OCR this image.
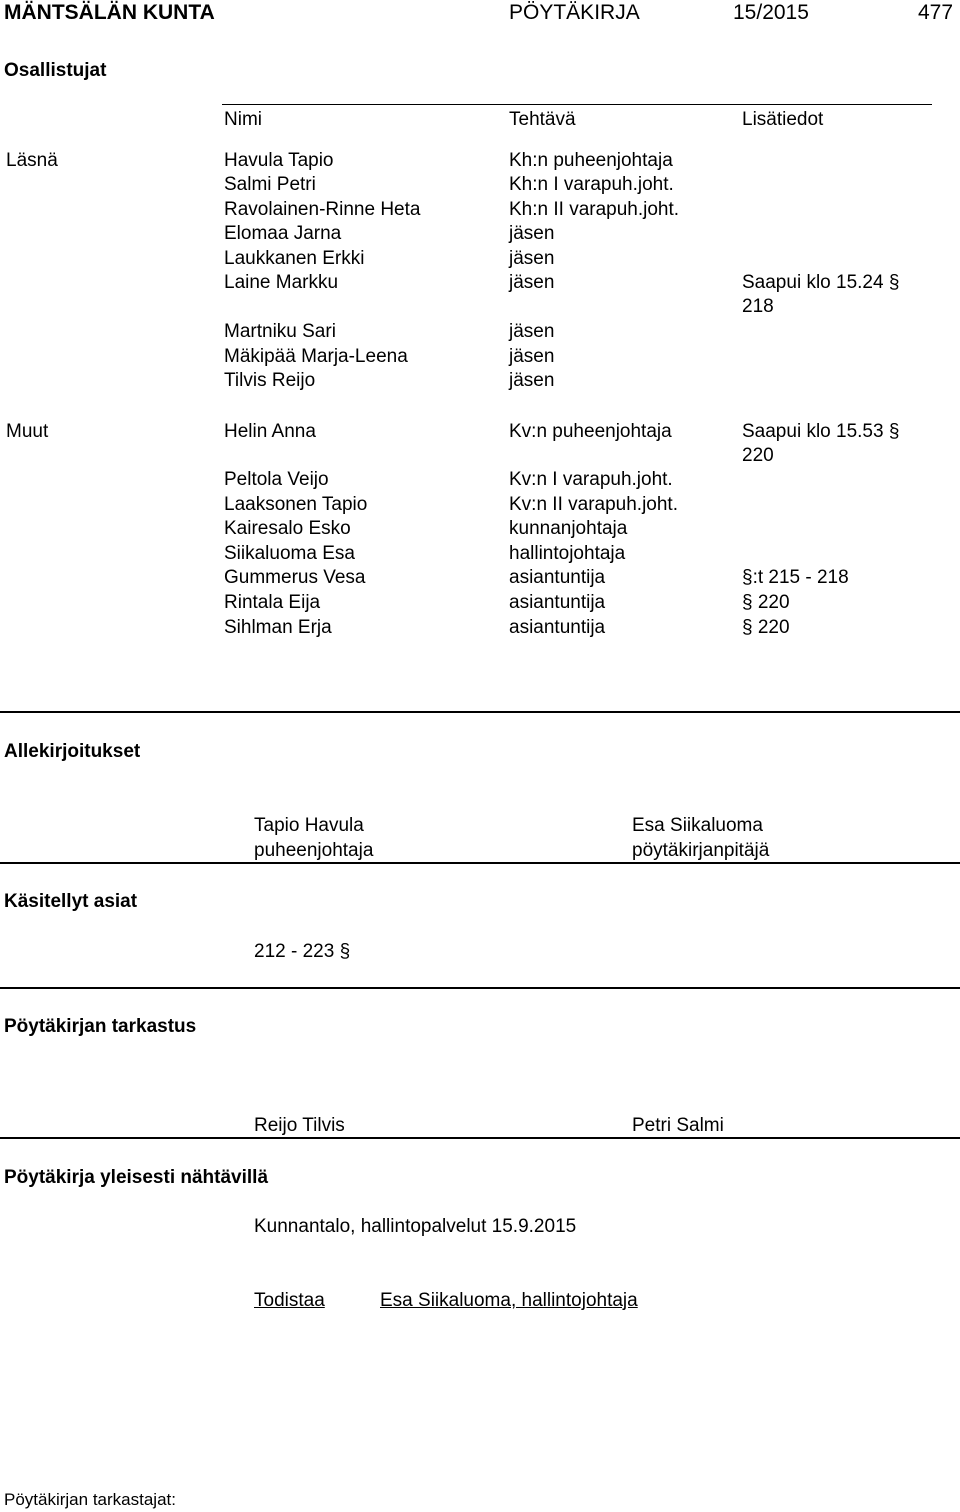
MÄNTSÄLÄN KUNTA	PÖYTÄKIRJA	15/2015	477
Osallistujat
Nimi	Tehtävä	Lisätiedot
Läsnä	Havula Tapio	Kh:n puheenjohtaja
Salmi Petri	Kh:n I varapuh.joht.
Ravolainen-Rinne Heta	Kh:n II varapuh.joht.
Elomaa Jarna	jäsen
Laukkanen Erkki	jäsen
Laine Markku	jäsen	Saapui klo 15.24 §
218
Martniku Sari	jäsen
Mäkipää Marja-Leena	jäsen
Tilvis Reijo	jäsen
Muut	Helin Anna	Kv:n puheenjohtaja	Saapui klo 15.53 §
220
Peltola Veijo	Kv:n I varapuh.joht.
Laaksonen Tapio	Kv:n II varapuh.joht.
Kairesalo Esko	kunnanjohtaja
Siikaluoma Esa	hallintojohtaja
Gummerus Vesa	asiantuntija	§:t 215 - 218
Rintala Eija	asiantuntija	§ 220
Sihlman Erja	asiantuntija	§ 220
Allekirjoitukset
Tapio Havula
puheenjohtaja
Esa Siikaluoma
pöytäkirjanpitäjä
Käsitellyt asiat
212 - 223 §
Pöytäkirjan tarkastus
Reijo Tilvis	Petri Salmi
Pöytäkirja yleisesti nähtävillä
Kunnantalo, hallintopalvelut 15.9.2015
Todistaa	Esa Siikaluoma, hallintojohtaja
Pöytäkirjan tarkastajat:
